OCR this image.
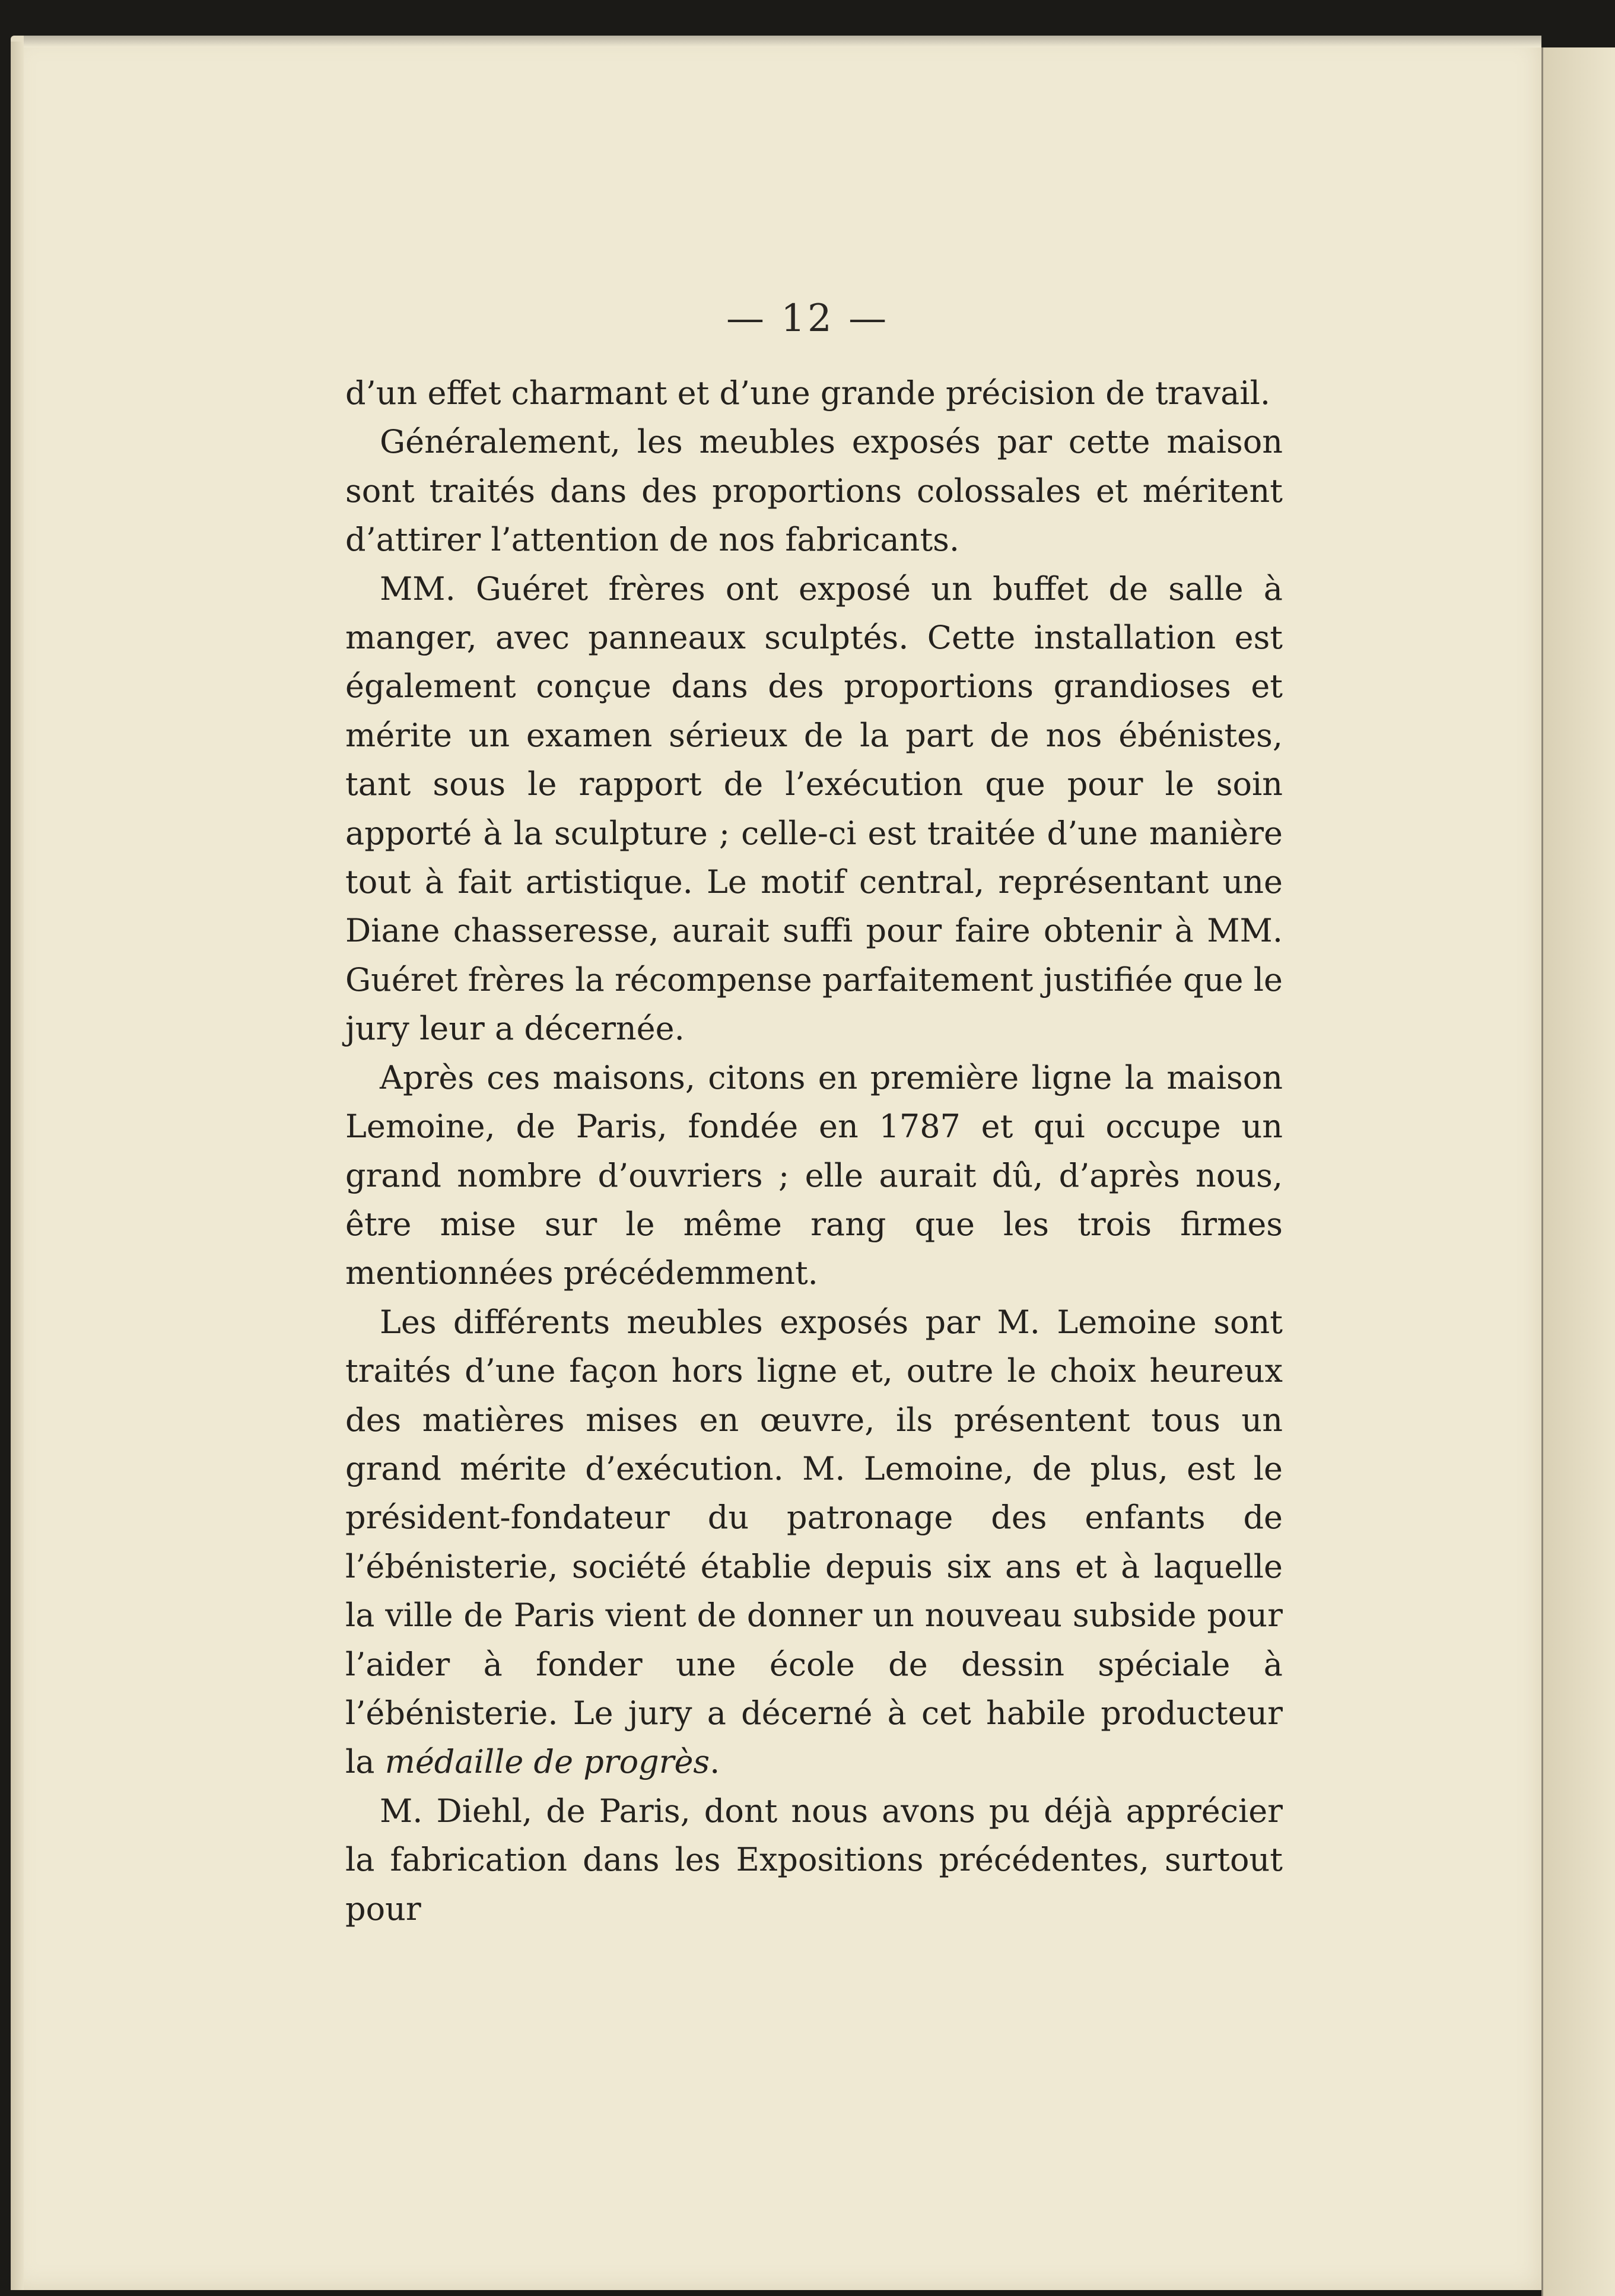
— 12 —

d’un effet charmant et d’une grande précision de travail.

Généralement, les meubles exposés par cette maison sont traités dans des proportions colossales et méritent d’attirer l’attention de nos fabricants.

MM. Guéret frères ont exposé un buffet de salle à manger, avec panneaux sculptés. Cette installation est également conçue dans des proportions grandioses et mérite un examen sérieux de la part de nos ébénistes, tant sous le rapport de l’exécution que pour le soin apporté à la sculpture ; celle-ci est traitée d’une manière tout à fait artistique. Le motif central, représentant une Diane chasseresse, aurait suffi pour faire obtenir à MM. Guéret frères la récompense parfaitement justifiée que le jury leur a décernée.

Après ces maisons, citons en première ligne la maison Lemoine, de Paris, fondée en 1787 et qui occupe un grand nombre d’ouvriers ; elle aurait dû, d’après nous, être mise sur le même rang que les trois firmes mentionnées précédemment.

Les différents meubles exposés par M. Lemoine sont traités d’une façon hors ligne et, outre le choix heureux des matières mises en œuvre, ils présentent tous un grand mérite d’exécution. M. Lemoine, de plus, est le président-fondateur du patronage des enfants de l’ébénisterie, société établie depuis six ans et à laquelle la ville de Paris vient de donner un nouveau subside pour l’aider à fonder une école de dessin spéciale à l’ébénisterie. Le jury a décerné à cet habile producteur la médaille de progrès.

M. Diehl, de Paris, dont nous avons pu déjà apprécier la fabrication dans les Expositions précédentes, surtout pour
